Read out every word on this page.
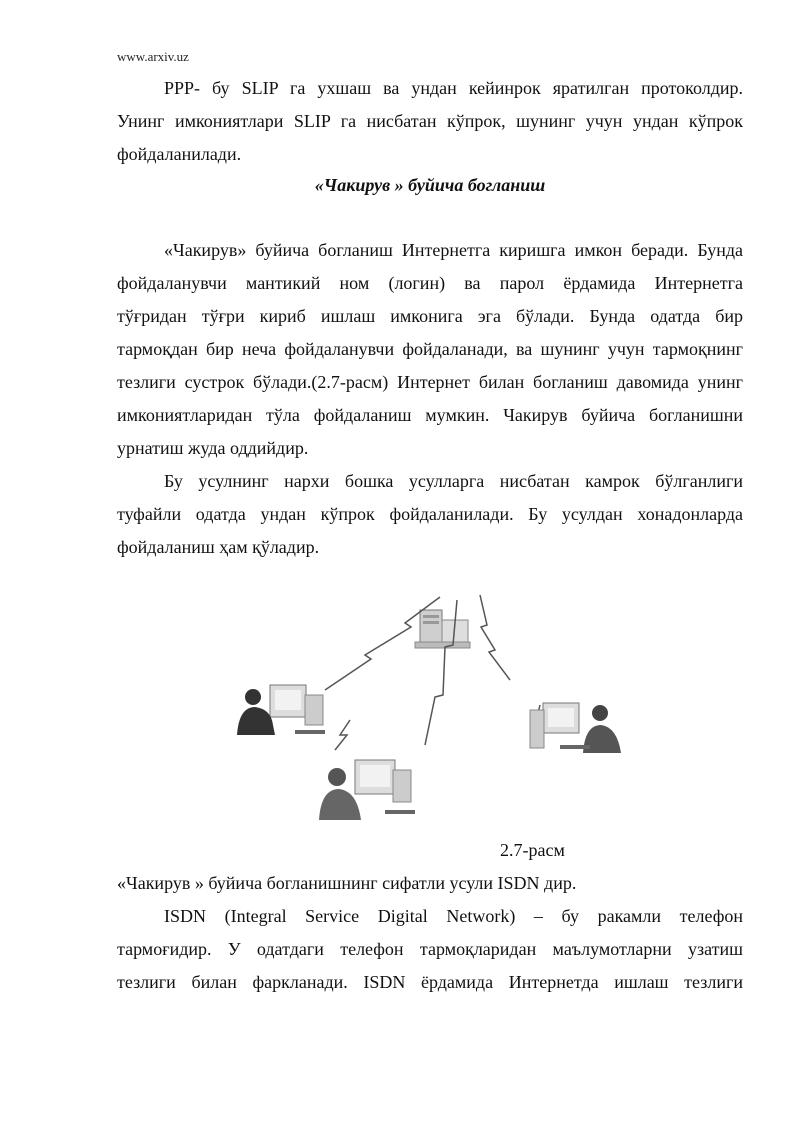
www.arxiv.uz

PPP- бу SLIP га ухшаш ва ундан кейинрок яратилган протоколдир.

Унинг имкониятлари SLIP га нисбатан кўпрок, шунинг учун ундан кўпрок

фойдаланилади.

«Чакирув » буйича богланиш

«Чакирув» буйича богланиш Интернетга киришга имкон беради. Бунда

фойдаланувчи мантикий ном (логин) ва парол ёрдамида Интернетга

тўғридан тўғри кириб ишлаш имконига эга бўлади. Бунда одатда бир

тармоқдан бир неча фойдаланувчи фойдаланади, ва шунинг учун тармоқнинг

тезлиги сустрок бўлади.(2.7-расм) Интернет билан богланиш давомида унинг

имкониятларидан тўла фойдаланиш мумкин. Чакирув буйича богланишни

урнатиш жуда оддийдир.

Бу усулнинг нархи бошка усулларга нисбатан камрок бўлганлиги

туфайли одатда ундан кўпрок фойдаланилади. Бу усулдан хонадонларда

фойдаланиш ҳам қўладир.

2.7-расм

«Чакирув » буйича богланишнинг сифатли усули ISDN дир.

ISDN (Integral Service Digital Network) – бу ракамли телефон

тармоғидир. У одатдаги телефон тармоқларидан маълумотларни узатиш

тезлиги билан фаркланади. ISDN ёрдамида Интернетда ишлаш тезлиги
